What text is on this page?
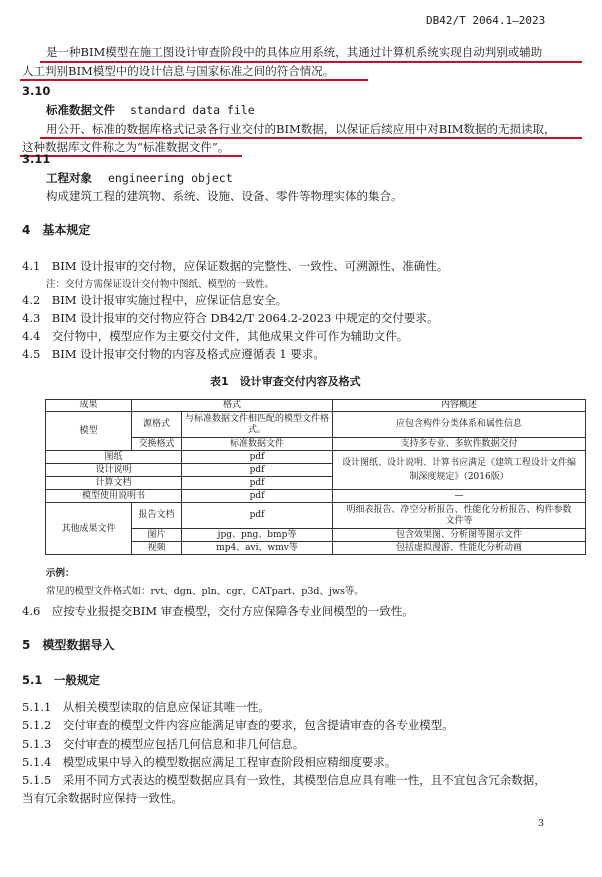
DB42/T 2064.1—2023
是一种BIM模型在施工图设计审查阶段中的具体应用系统，其通过计算机系统实现自动判别或辅助
人工判别BIM模型中的设计信息与国家标准之间的符合情况。
3.10
标准数据文件 standard data file
用公开、标准的数据库格式记录各行业交付的BIM数据，以保证后续应用中对BIM数据的无损读取，
这种数据库文件称之为“标准数据文件”。
3.11
工程对象 engineering object
构成建筑工程的建筑物、系统、设施、设备、零件等物理实体的集合。
4　基本规定
4.1　BIM 设计报审的交付物，应保证数据的完整性、一致性、可溯源性、准确性。
注：交付方需保证设计交付物中图纸、模型的一致性。
4.2　BIM 设计报审实施过程中，应保证信息安全。
4.3　BIM 设计报审的交付物应符合 DB42/T 2064.2-2023 中规定的交付要求。
4.4　交付物中，模型应作为主要交付文件，其他成果文件可作为辅助文件。
4.5　BIM 设计报审交付物的内容及格式应遵循表 1 要求。
表1　设计审查交付内容及格式
成果	格式		内容概述
模型	源格式	与标准数据文件相匹配的模型文件格式。	应包含构件分类体系和属性信息
	交换格式	标准数据文件	支持多专业、多软件数据交付
图纸		pdf	设计图纸、设计说明、计算书应满足《建筑工程设计文件编制深度规定》（2016版）
设计说明		pdf	
计算文档		pdf	
模型使用说明书		pdf	—
其他成果文件	报告文档	pdf	明细表报告、净空分析报告、性能化分析报告、构件参数文件等
	图片	jpg、png、bmp等	包含效果图、分析图等图示文件
	视频	mp4、avi、wmv等	包括虚拟漫游、性能化分析动画
示例：
常见的模型文件格式如：rvt、dgn、pln、cgr、CATpart、p3d、jws等。
4.6　应按专业报提交BIM 审查模型，交付方应保障各专业间模型的一致性。
5　模型数据导入
5.1　一般规定
5.1.1　从相关模型读取的信息应保证其唯一性。
5.1.2　交付审查的模型文件内容应能满足审查的要求，包含提请审查的各专业模型。
5.1.3　交付审查的模型应包括几何信息和非几何信息。
5.1.4　模型成果中导入的模型数据应满足工程审查阶段相应精细度要求。
5.1.5　采用不同方式表达的模型数据应具有一致性，其模型信息应具有唯一性，且不宜包含冗余数据，
当有冗余数据时应保持一致性。
3
